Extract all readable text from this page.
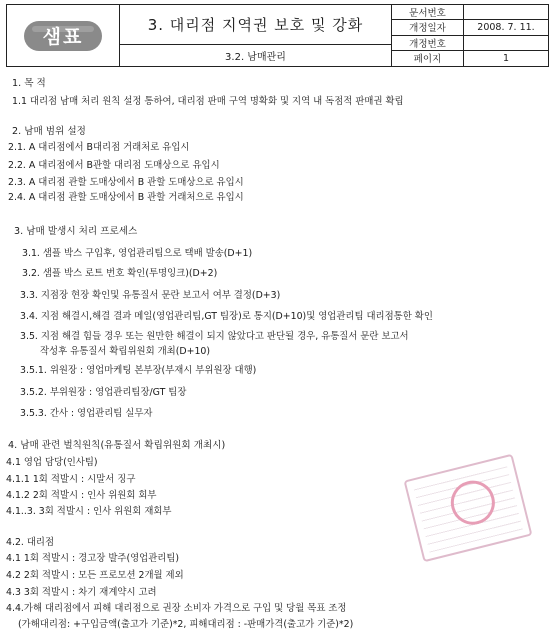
샘표
3. 대리점 지역권 보호 및 강화
3.2. 남매관리
문서번호
개정일자	2008. 7. 11.
개정번호
페이지	1
1. 목 적
1.1 대리점 남매 처리 원칙 설정 통하여, 대리점 판매 구역 명확화 및 지역 내 독점적 판매권 확립
2. 남매 범위 설정
2.1. A 대리점에서 B대리점 거래처로 유입시
2.2. A 대리점에서 B관할 대리점 도매상으로 유입시
2.3. A 대리점 관할 도매상에서 B 관할 도매상으로 유입시
2.4. A 대리점 관할 도매상에서 B 관할 거래처으로 유입시
3. 남매 발생시 처리 프로세스
3.1. 샘플 박스 구입후, 영업관리팀으로 택배 발송(D+1)
3.2. 샘플 박스 로트 번호 확인(투명잉크)(D+2)
3.3. 지점장 현장 확인및 유통질서 문란 보고서 여부 결정(D+3)
3.4. 지점 해결시,해결 결과 메일(영업관리팀,GT 팀장)로 통지(D+10)및 영업관리팀 대리점통한 확인
3.5. 지점 해결 힘들 경우 또는 원만한 해결이 되지 않았다고 판단될 경우, 유통질서 문란 보고서
작성후 유통질서 확립위원회 개최(D+10)
3.5.1. 위원장 : 영업마케팅 본부장(부재시 부위원장 대행)
3.5.2. 부위원장 : 영업관리팀장/GT 팀장
3.5.3. 간사 : 영업관리팀 실무자
4. 남매 관련 벌칙원칙(유통질서 확립위원회 개최시)
4.1 영업 담당(인사팀)
4.1.1 1회 적발시 : 시말서 징구
4.1.2 2회 적발시 : 인사 위원회 회부
4.1..3. 3회 적발시 : 인사 위원회 재회부
4.2. 대리점
4.1 1회 적발시 : 경고장 발주(영업관리팀)
4.2 2회 적발시 : 모든 프로모션 2개월 제외
4.3 3회 적발시 : 차기 재계약시 고려
4.4.가해 대리점에서 피해 대리점으로 권장 소비자 가격으로 구입 및 당월 목표 조정
(가해대리점: +구입금액(출고가 기준)*2, 피해대리점 : -판매가격(출고가 기준)*2)
